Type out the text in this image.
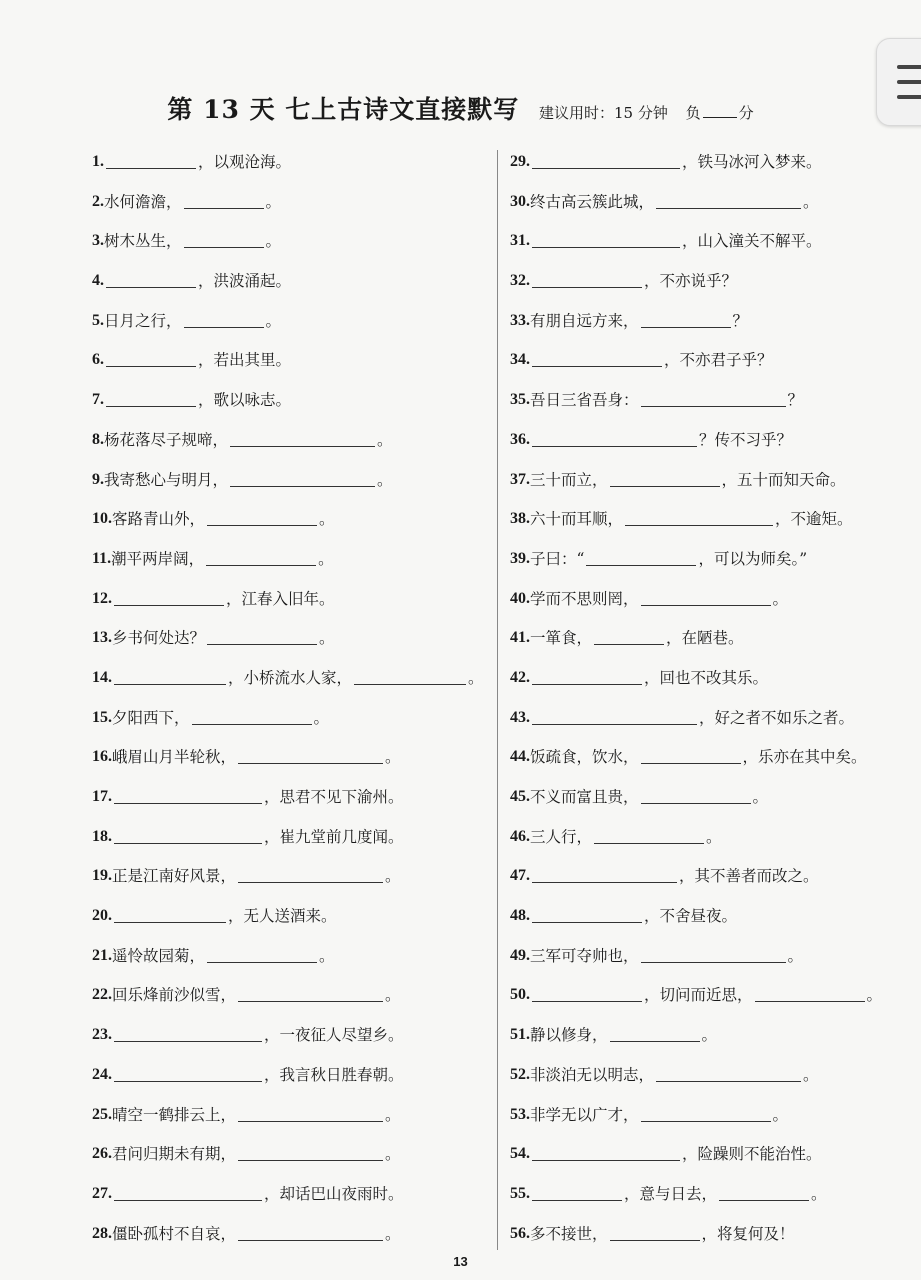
第 13 天 七上古诗文直接默写 建议用时：15 分钟 负	分
1.	，以观沧海。
2. 水何澹澹，	。
3. 树木丛生，	。
4.	，洪波涌起。
5. 日月之行，	。
6.	，若出其里。
7.	，歌以咏志。
8. 杨花落尽子规啼，	。
9. 我寄愁心与明月，	。
10. 客路青山外，	。
11. 潮平两岸阔，	。
12.	，江春入旧年。
13. 乡书何处达？	。
14.	，小桥流水人家，	。
15. 夕阳西下，	。
16. 峨眉山月半轮秋，	。
17.	，思君不见下渝州。
18.	，崔九堂前几度闻。
19. 正是江南好风景，	。
20.	，无人送酒来。
21. 遥怜故园菊，	。
22. 回乐烽前沙似雪，	。
23.	，一夜征人尽望乡。
24.	，我言秋日胜春朝。
25. 晴空一鹤排云上，	。
26. 君问归期未有期，	。
27.	，却话巴山夜雨时。
28. 僵卧孤村不自哀，	。
29.	，铁马冰河入梦来。
30. 终古高云簇此城，	。
31.	，山入潼关不解平。
32.	，不亦说乎？
33. 有朋自远方来，	？
34.	，不亦君子乎？
35. 吾日三省吾身：	？
36.	？传不习乎？
37. 三十而立，	，五十而知天命。
38. 六十而耳顺，	，不逾矩。
39. 子曰：“	，可以为师矣。”
40. 学而不思则罔，	。
41. 一箪食，	，在陋巷。
42.	，回也不改其乐。
43.	，好之者不如乐之者。
44. 饭疏食，饮水，	，乐亦在其中矣。
45. 不义而富且贵，	。
46. 三人行，	。
47.	，其不善者而改之。
48.	，不舍昼夜。
49. 三军可夺帅也，	。
50.	，切问而近思，	。
51. 静以修身，	。
52. 非淡泊无以明志，	。
53. 非学无以广才，	。
54.	，险躁则不能治性。
55.	，意与日去，	。
56. 多不接世，	，将复何及！
13
